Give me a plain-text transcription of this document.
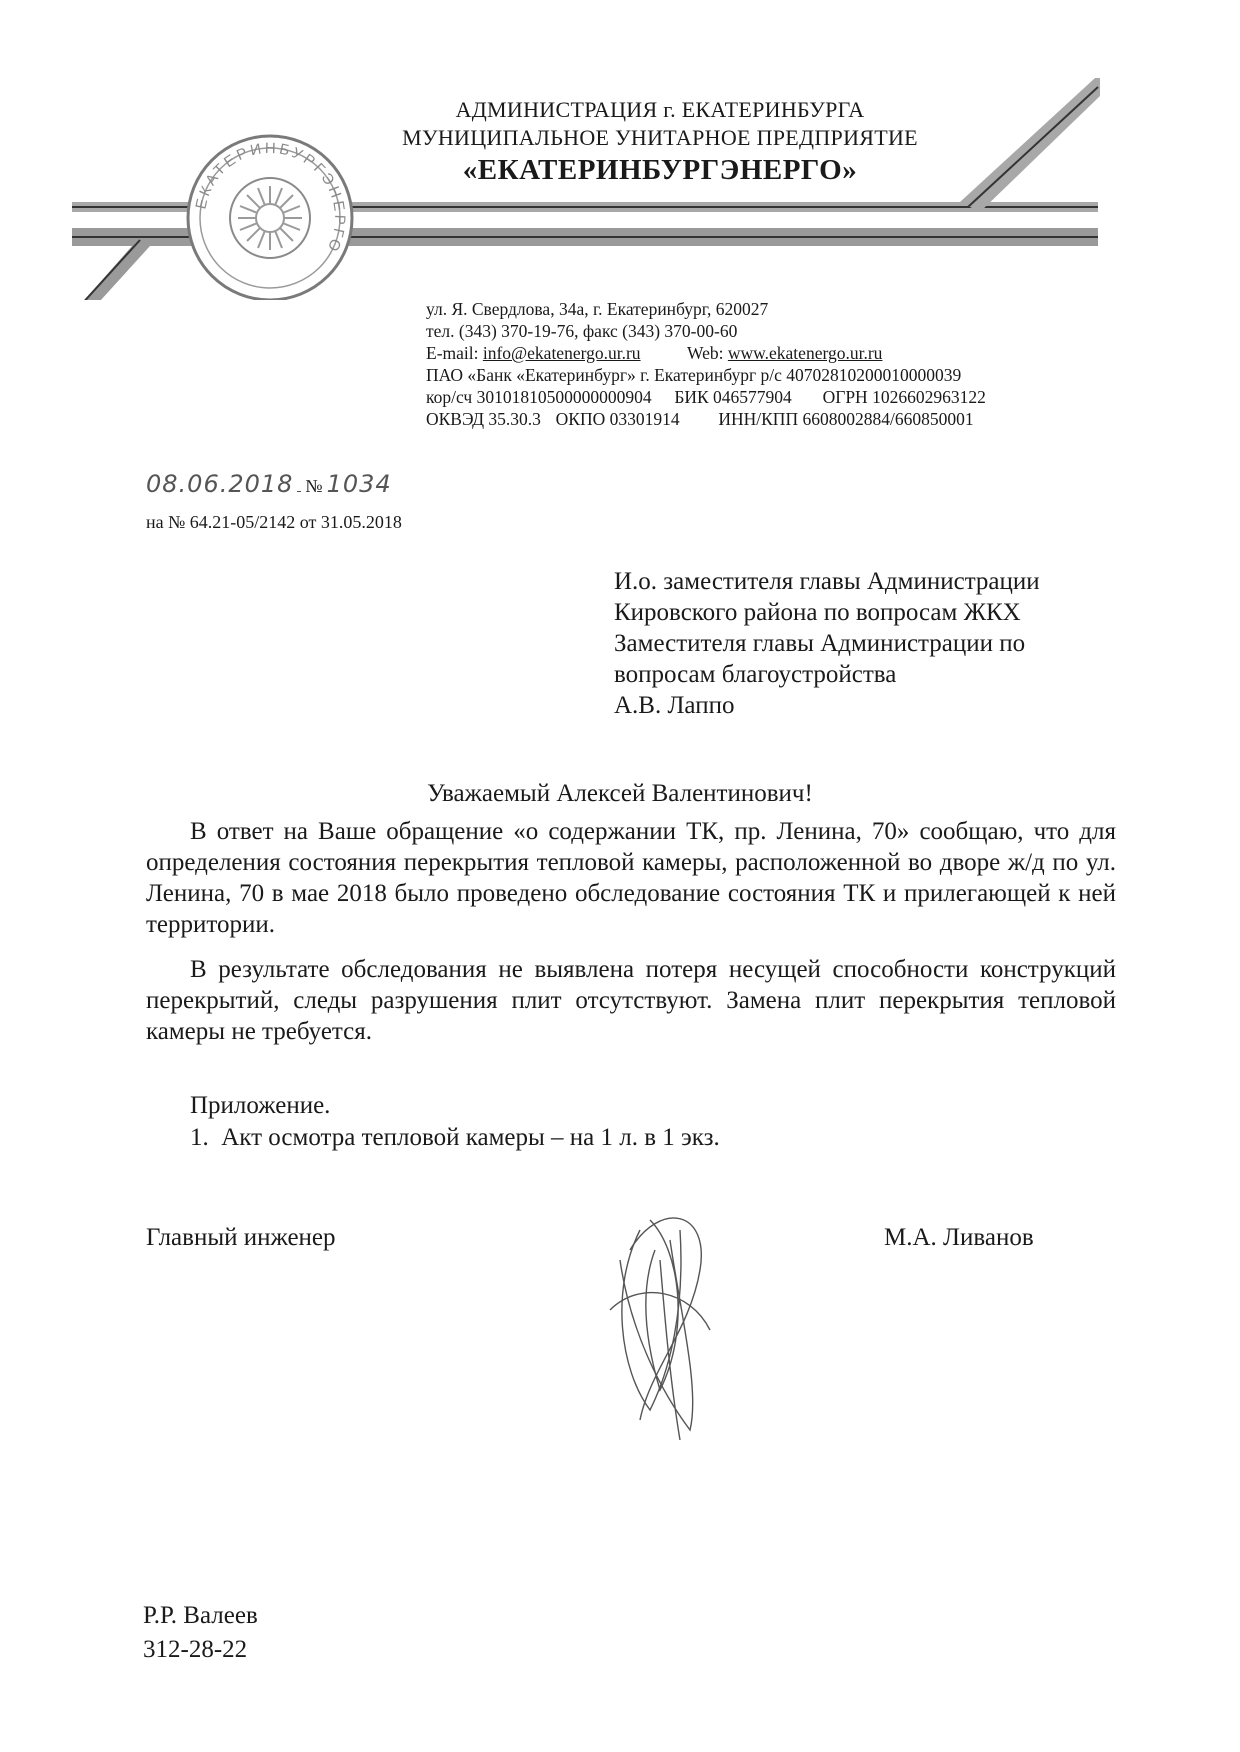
ЕКАТЕРИНБУРГЭНЕРГО
АДМИНИСТРАЦИЯ г. ЕКАТЕРИНБУРГА
МУНИЦИПАЛЬНОЕ УНИТАРНОЕ ПРЕДПРИЯТИЕ
«ЕКАТЕРИНБУРГЭНЕРГО»
ул. Я. Свердлова, 34а, г. Екатеринбург, 620027
тел. (343) 370-19-76, факс (343) 370-00-60
E-mail: info@ekatenergo.ur.ru	Web: www.ekatenergo.ur.ru
ПАО «Банк «Екатеринбург» г. Екатеринбург р/с 40702810200010000039
кор/сч 30101810500000000904 БИК 046577904 ОГРН 1026602963122
ОКВЭД 35.30.3 ОКПО 03301914 ИНН/КПП 6608002884/660850001
08.06.2018 № 1034
на № 64.21-05/2142 от 31.05.2018
И.о. заместителя главы Администрации
Кировского района по вопросам ЖКХ
Заместителя главы Администрации по
вопросам благоустройства
А.В. Лаппо
Уважаемый Алексей Валентинович!
В ответ на Ваше обращение «о содержании ТК, пр. Ленина, 70» сообщаю, что для определения состояния перекрытия тепловой камеры, расположенной во дворе ж/д по ул. Ленина, 70 в мае 2018 было проведено обследование состояния ТК и прилегающей к ней территории.
В результате обследования не выявлена потеря несущей способности конструкций перекрытий, следы разрушения плит отсутствуют. Замена плит перекрытия тепловой камеры не требуется.
Приложение.
1.  Акт осмотра тепловой камеры – на 1 л. в 1 экз.
Главный инженер	М.А. Ливанов
Р.Р. Валеев
312-28-22
